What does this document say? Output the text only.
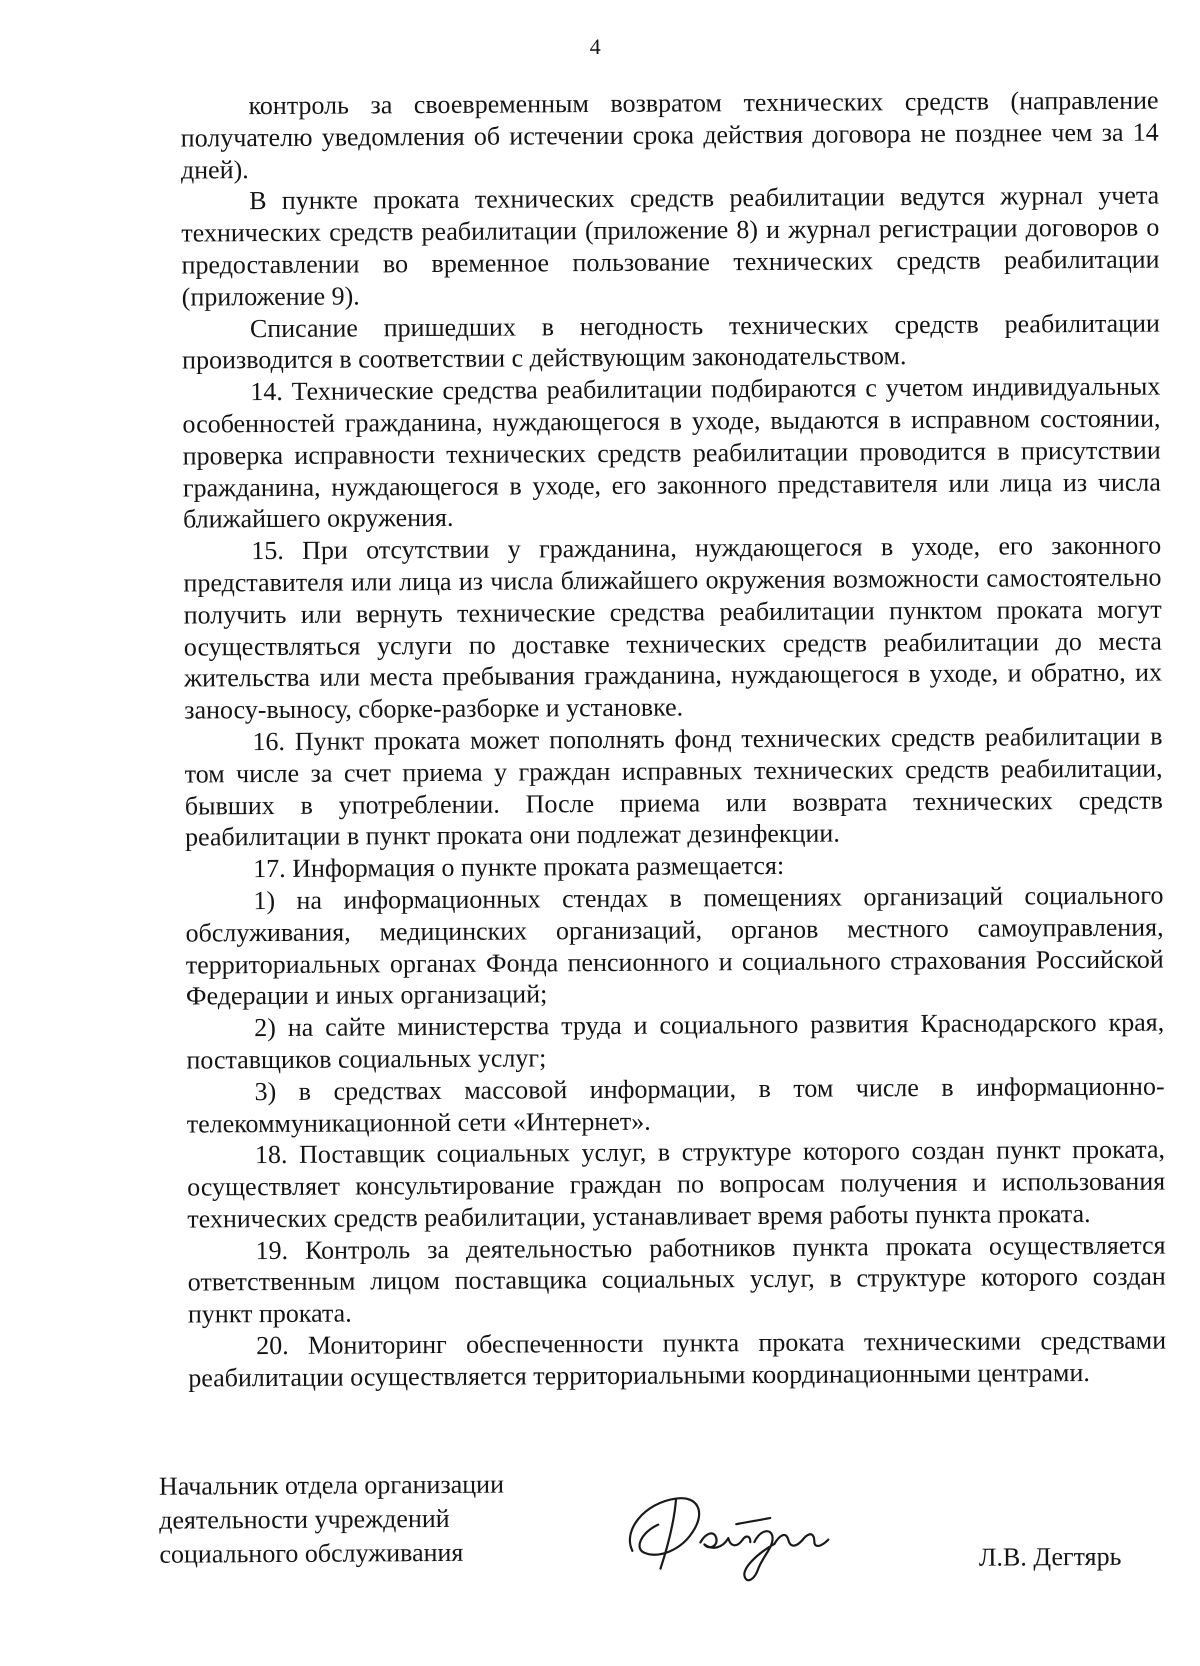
4

контроль за своевременным возвратом технических средств (направление получателю уведомления об истечении срока действия договора не позднее чем за 14 дней).

В пункте проката технических средств реабилитации ведутся журнал учета технических средств реабилитации (приложение 8) и журнал регистрации договоров о предоставлении во временное пользование технических средств реабилитации (приложение 9).

Списание пришедших в негодность технических средств реабилитации производится в соответствии с действующим законодательством.

14. Технические средства реабилитации подбираются с учетом индивидуальных особенностей гражданина, нуждающегося в уходе, выдаются в исправном состоянии, проверка исправности технических средств реабилитации проводится в присутствии гражданина, нуждающегося в уходе, его законного представителя или лица из числа ближайшего окружения.

15. При отсутствии у гражданина, нуждающегося в уходе, его законного представителя или лица из числа ближайшего окружения возможности самостоятельно получить или вернуть технические средства реабилитации пунктом проката могут осуществляться услуги по доставке технических средств реабилитации до места жительства или места пребывания гражданина, нуждающегося в уходе, и обратно, их заносу-выносу, сборке-разборке и установке.

16. Пункт проката может пополнять фонд технических средств реабилитации в том числе за счет приема у граждан исправных технических средств реабилитации, бывших в употреблении. После приема или возврата технических средств реабилитации в пункт проката они подлежат дезинфекции.

17. Информация о пункте проката размещается:

1) на информационных стендах в помещениях организаций социального обслуживания, медицинских организаций, органов местного самоуправления, территориальных органах Фонда пенсионного и социального страхования Российской Федерации и иных организаций;

2) на сайте министерства труда и социального развития Краснодарского края, поставщиков социальных услуг;

3) в средствах массовой информации, в том числе в информационно-телекоммуникационной сети «Интернет».

18. Поставщик социальных услуг, в структуре которого создан пункт проката, осуществляет консультирование граждан по вопросам получения и использования технических средств реабилитации, устанавливает время работы пункта проката.

19. Контроль за деятельностью работников пункта проката осуществляется ответственным лицом поставщика социальных услуг, в структуре которого создан пункт проката.

20. Мониторинг обеспеченности пункта проката техническими средствами реабилитации осуществляется территориальными координационными центрами.

Начальник отдела организации
деятельности учреждений
социального обслуживания	Л.В. Дегтярь
